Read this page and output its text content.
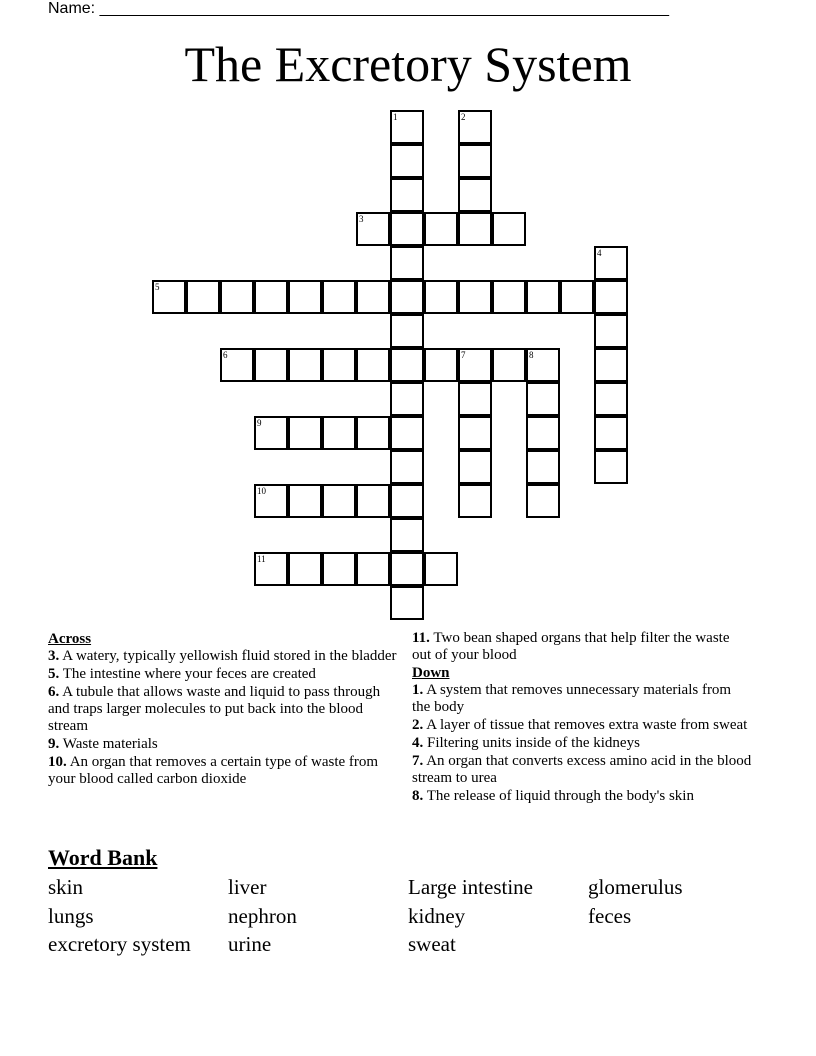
Name: ________________________________________________________________
The Excretory System
1	2
3
4
5
6	7	8
9
10
11
Across
3. A watery, typically yellowish fluid stored in the bladder
5. The intestine where your feces are created
6. A tubule that allows waste and liquid to pass through and traps larger molecules to put back into the blood stream
9. Waste materials
10. An organ that removes a certain type of waste from your blood called carbon dioxide
11. Two bean shaped organs that help filter the waste out of your blood
Down
1. A system that removes unnecessary materials from the body
2. A layer of tissue that removes extra waste from sweat
4. Filtering units inside of the kidneys
7. An organ that converts excess amino acid in the blood stream to urea
8. The release of liquid through the body's skin
Word Bank
skin	liver	Large intestine	glomerulus
lungs	nephron	kidney	feces
excretory system	urine	sweat
